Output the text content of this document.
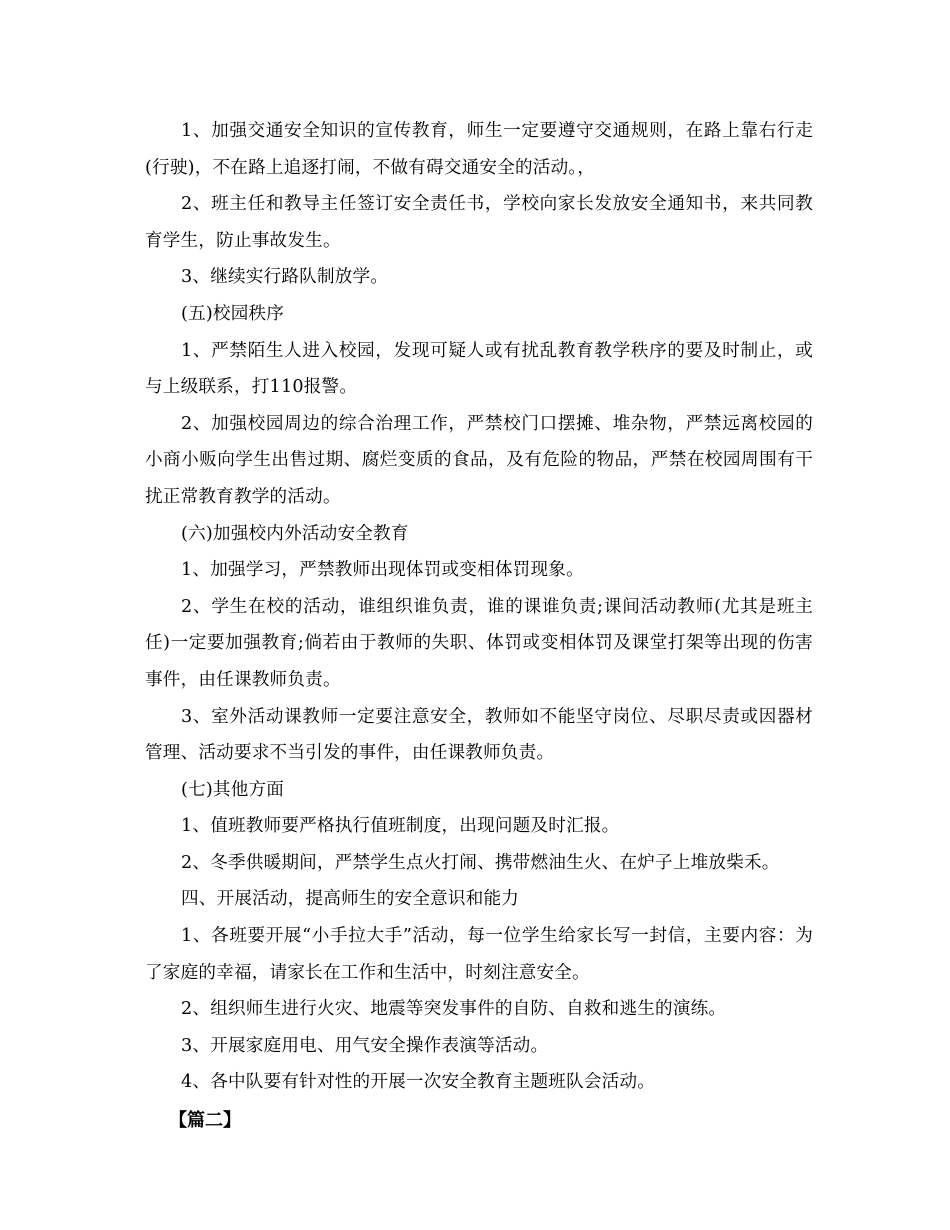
1、加强交通安全知识的宣传教育，师生一定要遵守交通规则，在路上靠右行走(行驶)，不在路上追逐打闹，不做有碍交通安全的活动。，

2、班主任和教导主任签订安全责任书，学校向家长发放安全通知书，来共同教育学生，防止事故发生。

3、继续实行路队制放学。

(五)校园秩序

1、严禁陌生人进入校园，发现可疑人或有扰乱教育教学秩序的要及时制止，或与上级联系，打110报警。

2、加强校园周边的综合治理工作，严禁校门口摆摊、堆杂物，严禁远离校园的小商小贩向学生出售过期、腐烂变质的食品，及有危险的物品，严禁在校园周围有干扰正常教育教学的活动。

(六)加强校内外活动安全教育

1、加强学习，严禁教师出现体罚或变相体罚现象。

2、学生在校的活动，谁组织谁负责，谁的课谁负责;课间活动教师(尤其是班主任)一定要加强教育;倘若由于教师的失职、体罚或变相体罚及课堂打架等出现的伤害事件，由任课教师负责。

3、室外活动课教师一定要注意安全，教师如不能坚守岗位、尽职尽责或因器材管理、活动要求不当引发的事件，由任课教师负责。

(七)其他方面

1、值班教师要严格执行值班制度，出现问题及时汇报。

2、冬季供暖期间，严禁学生点火打闹、携带燃油生火、在炉子上堆放柴禾。

四、开展活动，提高师生的安全意识和能力

1、各班要开展“小手拉大手”活动，每一位学生给家长写一封信，主要内容：为了家庭的幸福，请家长在工作和生活中，时刻注意安全。

2、组织师生进行火灾、地震等突发事件的自防、自救和逃生的演练。

3、开展家庭用电、用气安全操作表演等活动。

4、各中队要有针对性的开展一次安全教育主题班队会活动。

【篇二】
